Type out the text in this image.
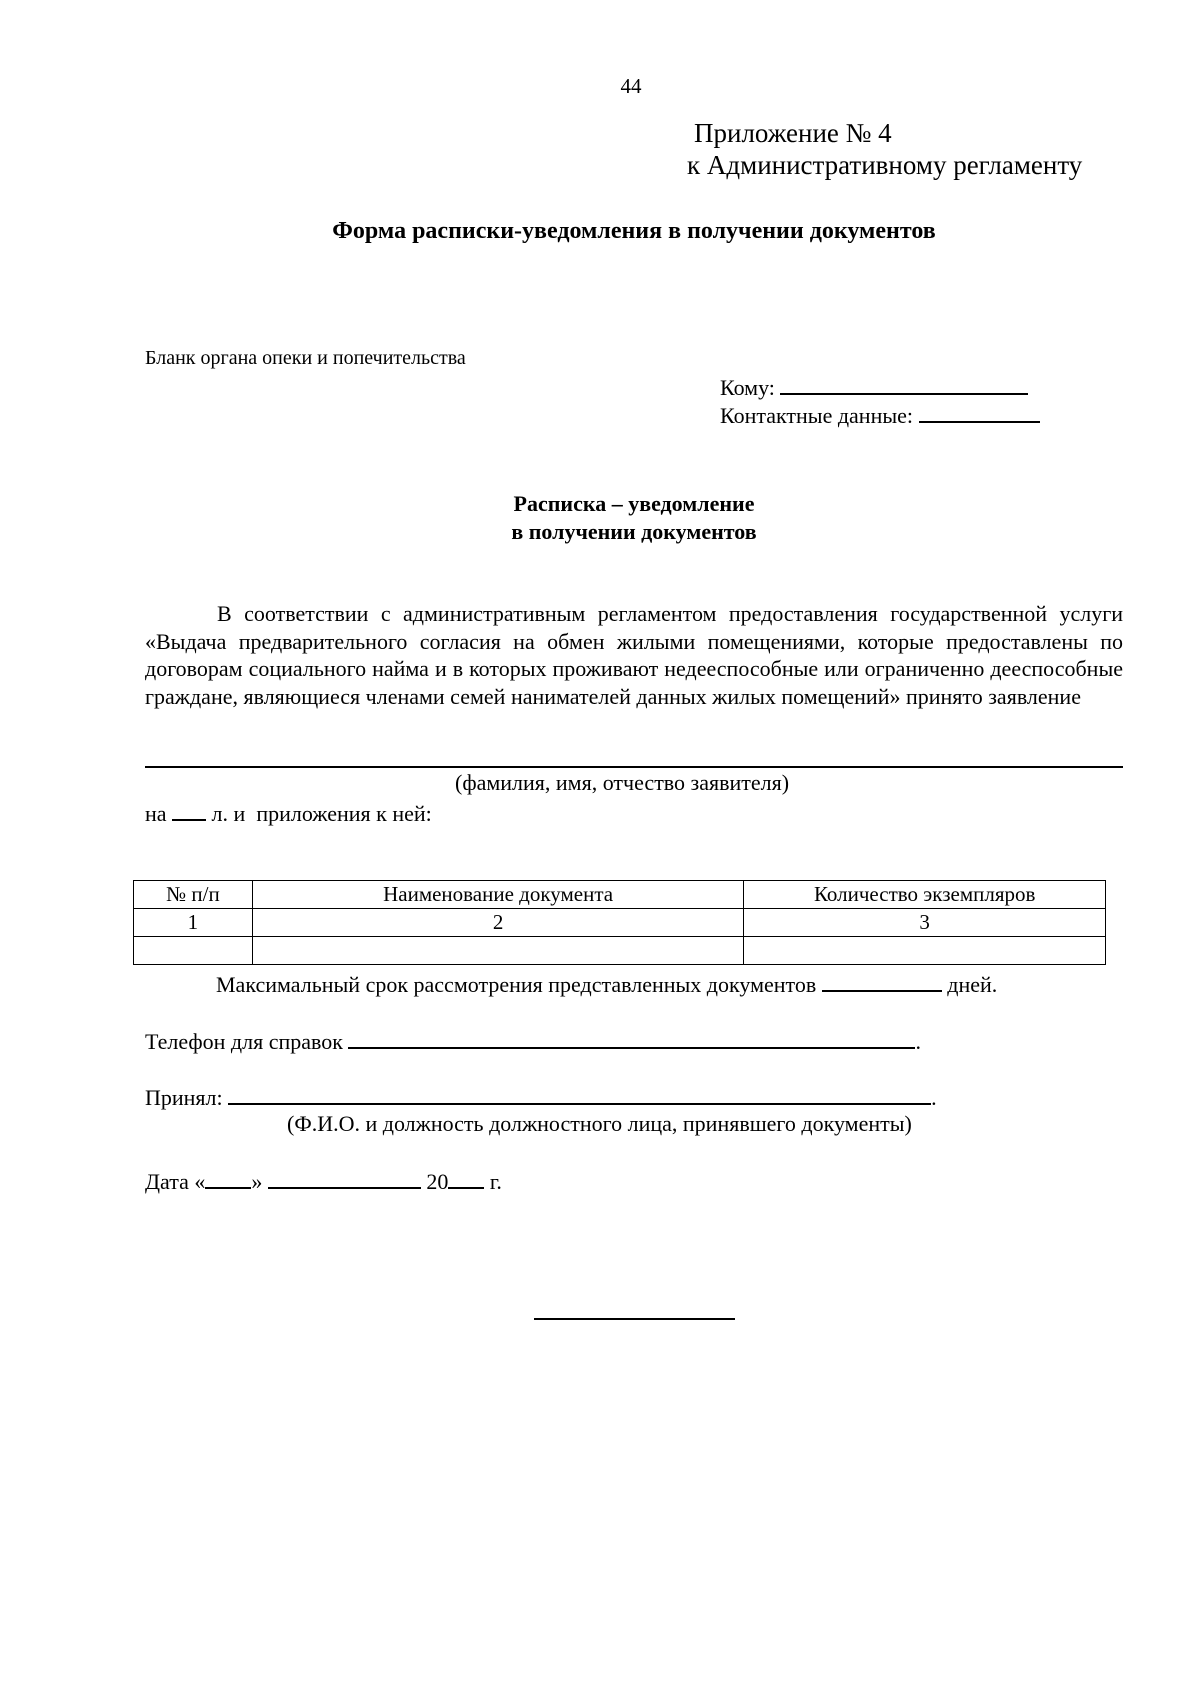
44
Приложение № 4
к Административному регламенту
Форма расписки-уведомления в получении документов
Бланк органа опеки и попечительства
Кому:
Контактные данные:
Расписка – уведомление
в получении документов
В соответствии с административным регламентом предоставления государственной услуги «Выдача предварительного согласия на обмен жилыми помещениями, которые предоставлены по договорам социального найма и в которых проживают недееспособные или ограниченно дееспособные граждане, являющиеся членами семей нанимателей данных жилых помещений» принято заявление
(фамилия, имя, отчество заявителя)
на л. и приложения к ней:
№ п/п	Наименование документа	Количество экземпляров
1	2	3

Максимальный срок рассмотрения представленных документов	дней.
Телефон для справок	.
Принял:	.
(Ф.И.О. и должность должностного лица, принявшего документы)
Дата « »	20 г.
